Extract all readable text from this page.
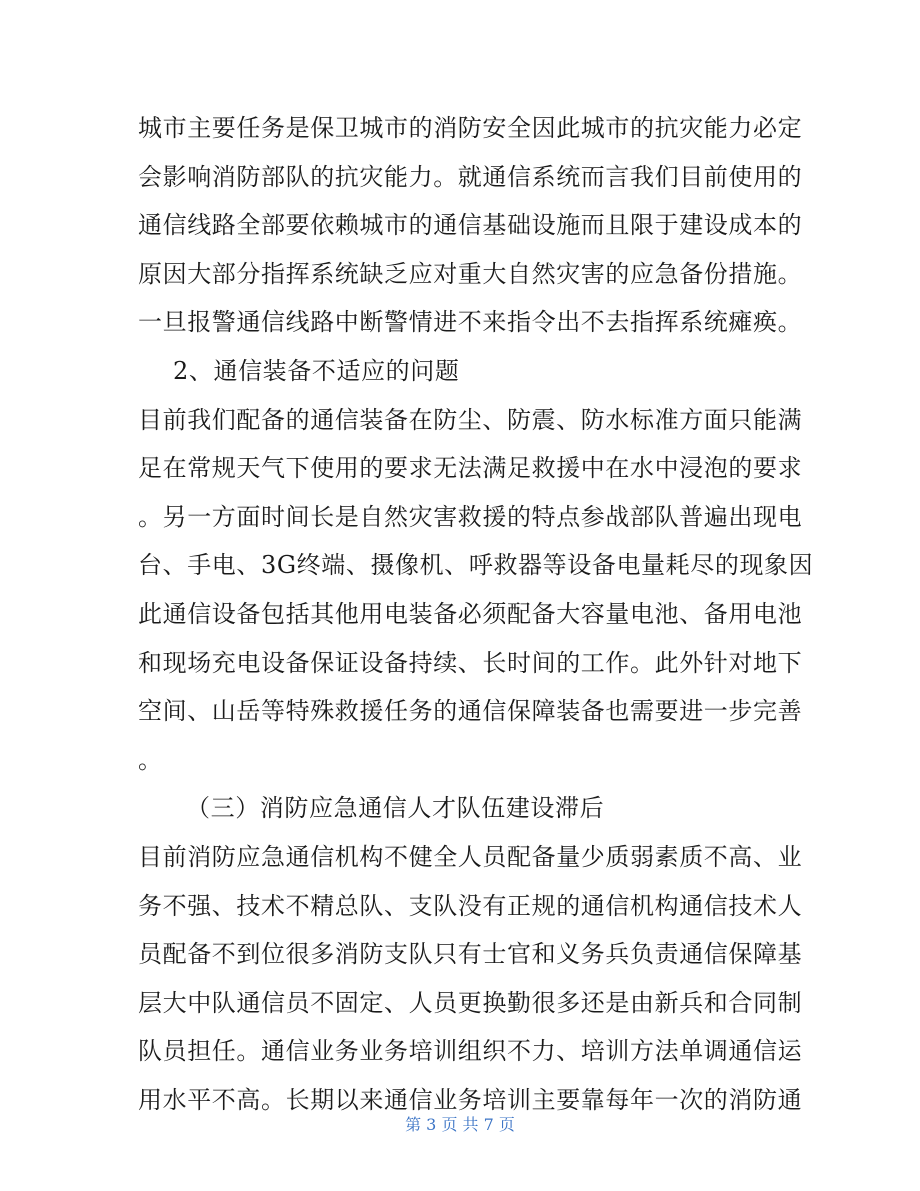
城市主要任务是保卫城市的消防安全因此城市的抗灾能力必定
会影响消防部队的抗灾能力。就通信系统而言我们目前使用的
通信线路全部要依赖城市的通信基础设施而且限于建设成本的
原因大部分指挥系统缺乏应对重大自然灾害的应急备份措施。
一旦报警通信线路中断警情进不来指令出不去指挥系统瘫痪。
2、通信装备不适应的问题
目前我们配备的通信装备在防尘、防震、防水标准方面只能满
足在常规天气下使用的要求无法满足救援中在水中浸泡的要求
。另一方面时间长是自然灾害救援的特点参战部队普遍出现电
台、手电、3G终端、摄像机、呼救器等设备电量耗尽的现象因
此通信设备包括其他用电装备必须配备大容量电池、备用电池
和现场充电设备保证设备持续、长时间的工作。此外针对地下
空间、山岳等特殊救援任务的通信保障装备也需要进一步完善
。
（三）消防应急通信人才队伍建设滞后
目前消防应急通信机构不健全人员配备量少质弱素质不高、业
务不强、技术不精总队、支队没有正规的通信机构通信技术人
员配备不到位很多消防支队只有士官和义务兵负责通信保障基
层大中队通信员不固定、人员更换勤很多还是由新兵和合同制
队员担任。通信业务业务培训组织不力、培训方法单调通信运
用水平不高。长期以来通信业务培训主要靠每年一次的消防通
第 3 页 共 7 页
